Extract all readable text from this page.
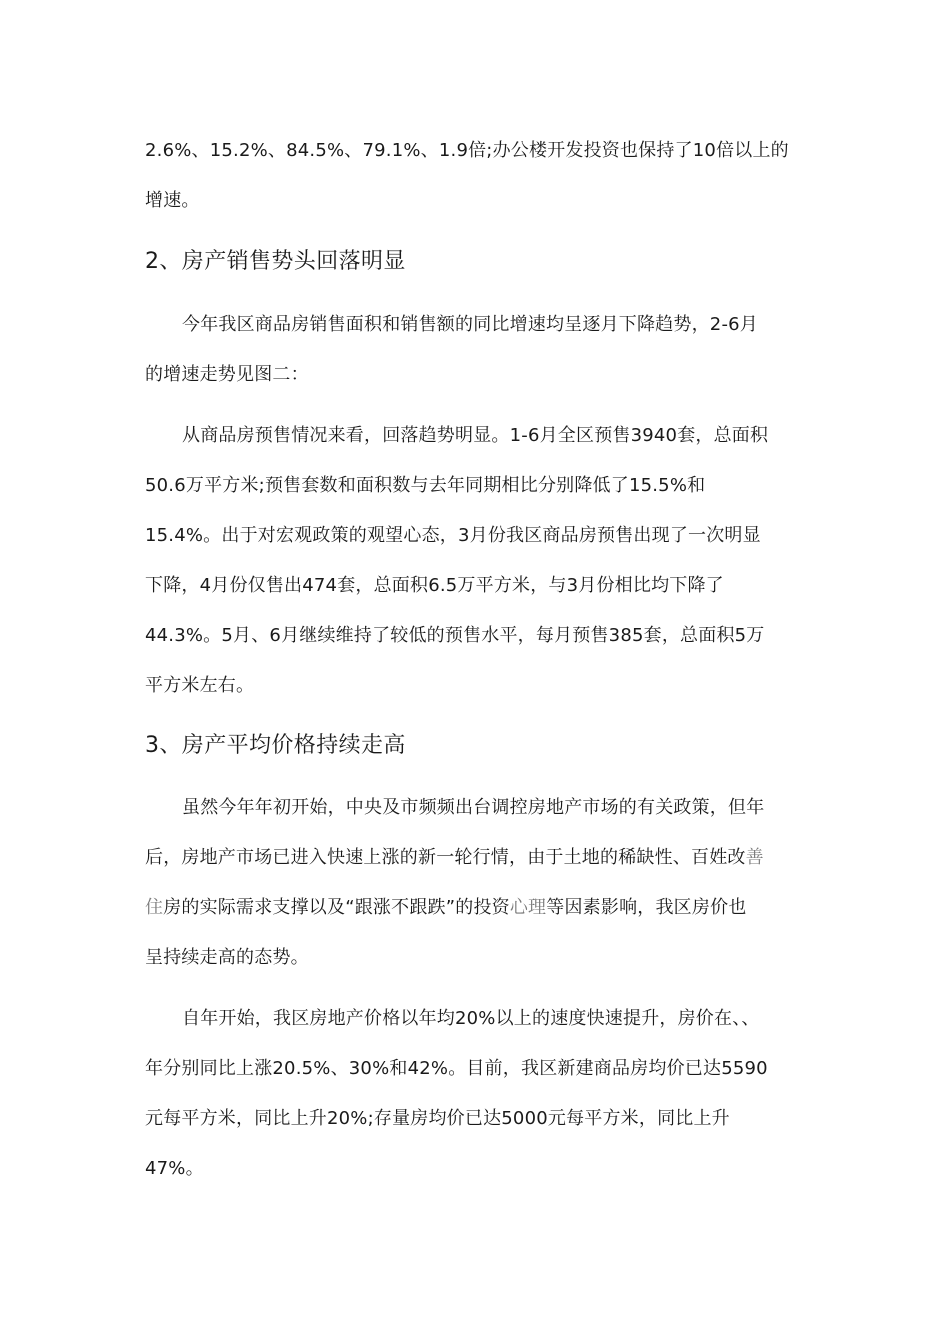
2.6%、15.2%、84.5%、79.1%、1.9倍;办公楼开发投资也保持了10倍以上的
增速。
2、房产销售势头回落明显
今年我区商品房销售面积和销售额的同比增速均呈逐月下降趋势，2-6月
的增速走势见图二：
从商品房预售情况来看，回落趋势明显。1-6月全区预售3940套，总面积
50.6万平方米;预售套数和面积数与去年同期相比分别降低了15.5%和
15.4%。出于对宏观政策的观望心态，3月份我区商品房预售出现了一次明显
下降，4月份仅售出474套，总面积6.5万平方米，与3月份相比均下降了
44.3%。5月、6月继续维持了较低的预售水平，每月预售385套，总面积5万
平方米左右。
3、房产平均价格持续走高
虽然今年年初开始，中央及市频频出台调控房地产市场的有关政策，但年
后，房地产市场已进入快速上涨的新一轮行情，由于土地的稀缺性、百姓改善
住房的实际需求支撑以及“跟涨不跟跌”的投资心理等因素影响，我区房价也
呈持续走高的态势。
自年开始，我区房地产价格以年均20%以上的速度快速提升，房价在、、
年分别同比上涨20.5%、30%和42%。目前，我区新建商品房均价已达5590
元每平方米，同比上升20%;存量房均价已达5000元每平方米，同比上升
47%。
